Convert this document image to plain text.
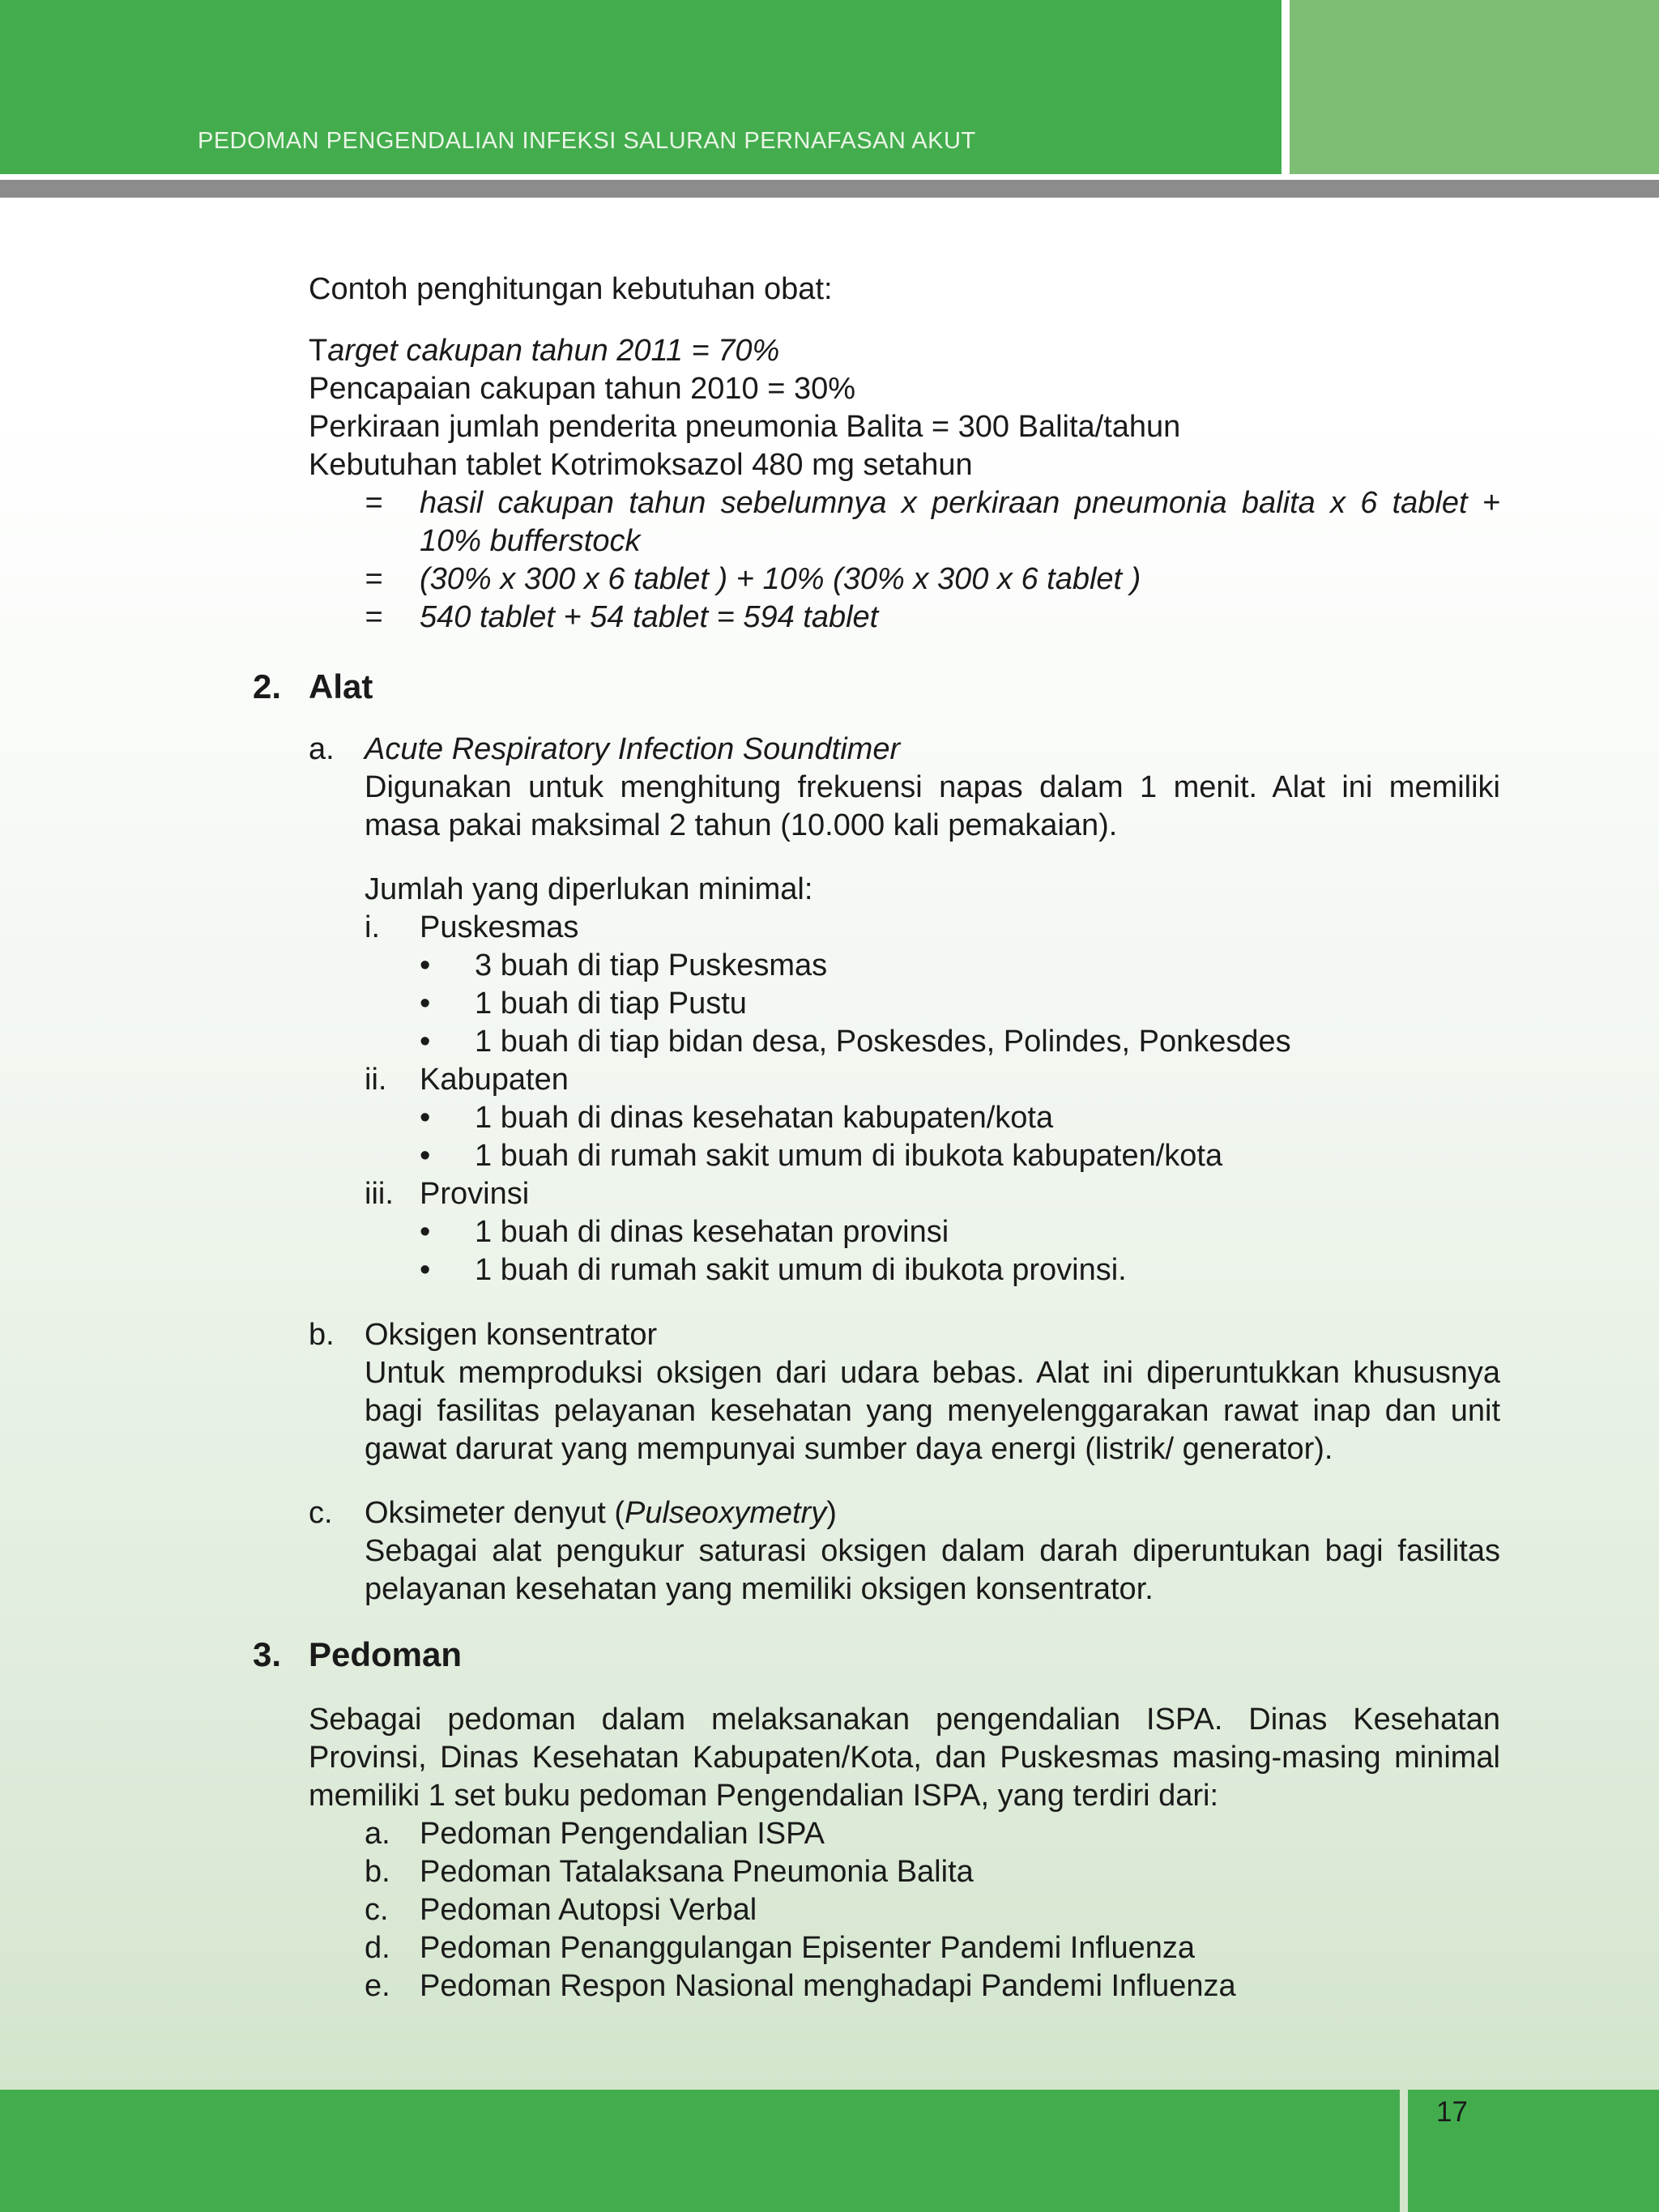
PEDOMAN PENGENDALIAN INFEKSI SALURAN PERNAFASAN AKUT
Contoh penghitungan kebutuhan obat:
Target cakupan tahun 2011 = 70%
Pencapaian cakupan tahun 2010 = 30%
Perkiraan jumlah penderita pneumonia Balita = 300 Balita/tahun
Kebutuhan tablet Kotrimoksazol 480 mg setahun
= hasil cakupan tahun sebelumnya x perkiraan pneumonia balita x 6 tablet + 10% bufferstock
= (30% x 300 x 6 tablet ) + 10% (30% x 300 x 6 tablet )
= 540 tablet + 54 tablet = 594 tablet
2. Alat
a. Acute Respiratory Infection Soundtimer
Digunakan untuk menghitung frekuensi napas dalam 1 menit. Alat ini memiliki masa pakai maksimal 2 tahun (10.000 kali pemakaian).
Jumlah yang diperlukan minimal:
i. Puskesmas
• 3 buah di tiap Puskesmas
• 1 buah di tiap Pustu
• 1 buah di tiap bidan desa, Poskesdes, Polindes, Ponkesdes
ii. Kabupaten
• 1 buah di dinas kesehatan kabupaten/kota
• 1 buah di rumah sakit umum di ibukota kabupaten/kota
iii. Provinsi
• 1 buah di dinas kesehatan provinsi
• 1 buah di rumah sakit umum di ibukota provinsi.
b. Oksigen konsentrator
Untuk memproduksi oksigen dari udara bebas. Alat ini diperuntukkan khususnya bagi fasilitas pelayanan kesehatan yang menyelenggarakan rawat inap dan unit gawat darurat yang mempunyai sumber daya energi (listrik/ generator).
c. Oksimeter denyut (Pulseoxymetry)
Sebagai alat pengukur saturasi oksigen dalam darah diperuntukan bagi fasilitas pelayanan kesehatan yang memiliki oksigen konsentrator.
3. Pedoman
Sebagai pedoman dalam melaksanakan pengendalian ISPA. Dinas Kesehatan Provinsi, Dinas Kesehatan Kabupaten/Kota, dan Puskesmas masing-masing minimal memiliki 1 set buku pedoman Pengendalian ISPA, yang terdiri dari:
a. Pedoman Pengendalian ISPA
b. Pedoman Tatalaksana Pneumonia Balita
c. Pedoman Autopsi Verbal
d. Pedoman Penanggulangan Episenter Pandemi Influenza
e. Pedoman Respon Nasional menghadapi Pandemi Influenza
17
